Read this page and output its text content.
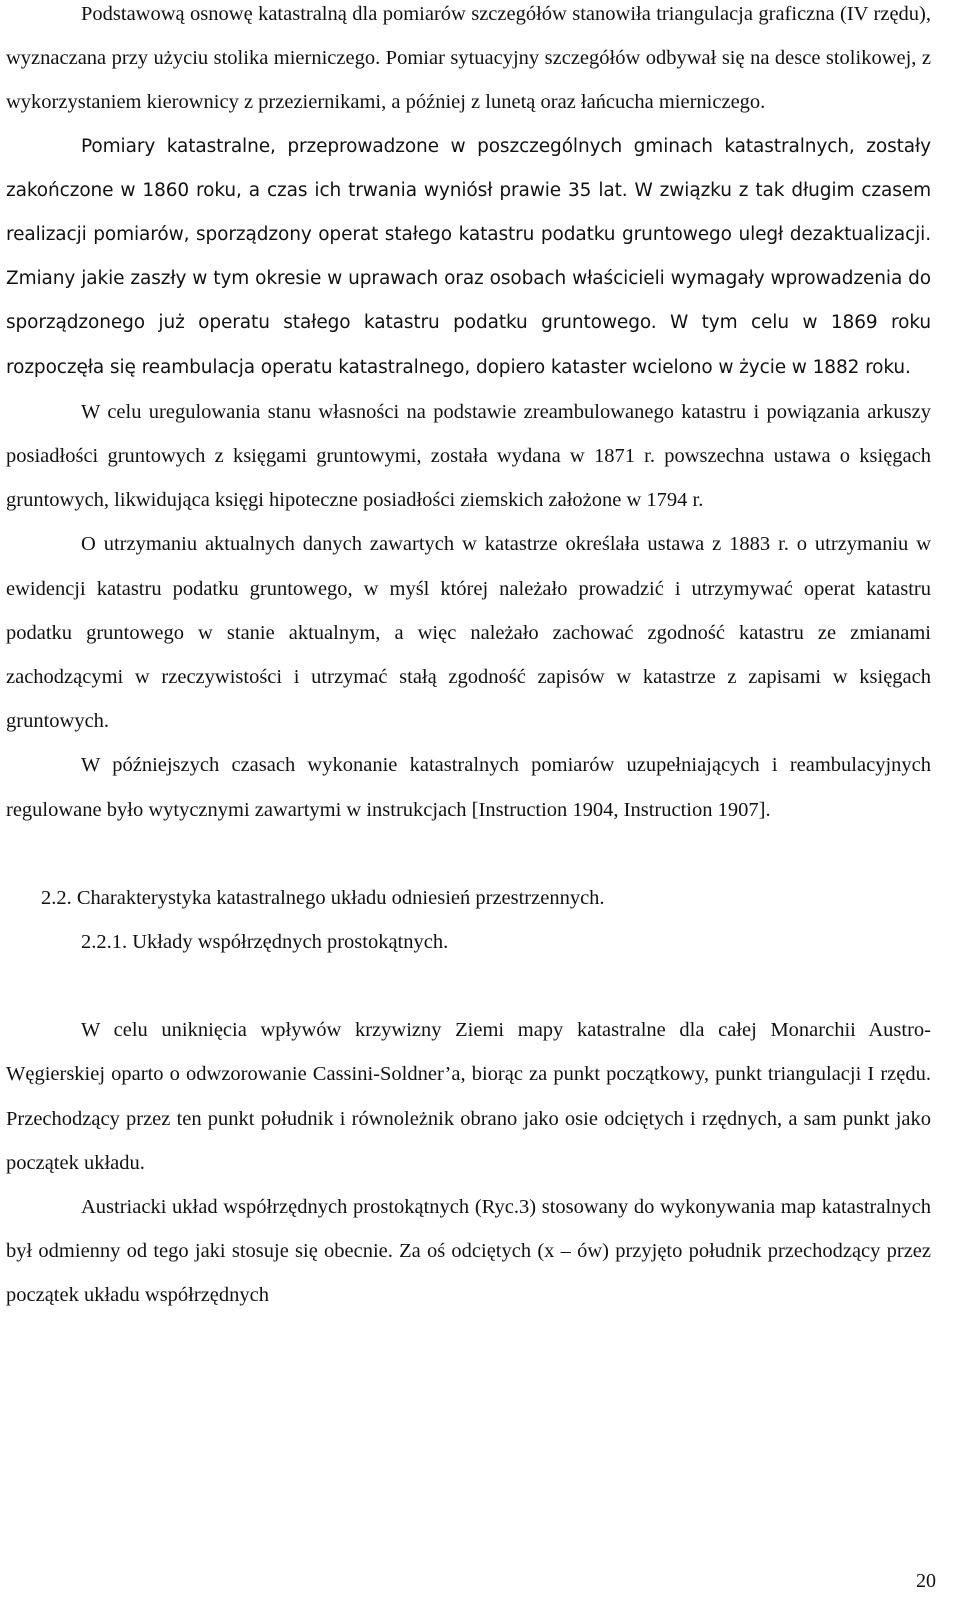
Podstawową osnowę katastralną dla pomiarów szczegółów stanowiła triangulacja graficzna (IV rzędu), wyznaczana przy użyciu stolika mierniczego. Pomiar sytuacyjny szczegółów odbywał się na desce stolikowej, z wykorzystaniem kierownicy z przeziernikami, a później z lunetą oraz łańcucha mierniczego.

Pomiary katastralne, przeprowadzone w poszczególnych gminach katastralnych, zostały zakończone w 1860 roku, a czas ich trwania wyniósł prawie 35 lat. W związku z tak długim czasem realizacji pomiarów, sporządzony operat stałego katastru podatku gruntowego uległ dezaktualizacji. Zmiany jakie zaszły w tym okresie w uprawach oraz osobach właścicieli wymagały wprowadzenia do sporządzonego już operatu stałego katastru podatku gruntowego. W tym celu w 1869 roku rozpoczęła się reambulacja operatu katastralnego, dopiero kataster wcielono w życie w 1882 roku.

W celu uregulowania stanu własności na podstawie zreambulowanego katastru i powiązania arkuszy posiadłości gruntowych z księgami gruntowymi, została wydana w 1871 r. powszechna ustawa o księgach gruntowych, likwidująca księgi hipoteczne posiadłości ziemskich założone w 1794 r.

O utrzymaniu aktualnych danych zawartych w katastrze określała ustawa z 1883 r. o utrzymaniu w ewidencji katastru podatku gruntowego, w myśl której należało prowadzić i utrzymywać operat katastru podatku gruntowego w stanie aktualnym, a więc należało zachować zgodność katastru ze zmianami zachodzącymi w rzeczywistości i utrzymać stałą zgodność zapisów w katastrze z zapisami w księgach gruntowych.

W późniejszych czasach wykonanie katastralnych pomiarów uzupełniających i reambulacyjnych regulowane było wytycznymi zawartymi w instrukcjach [Instruction 1904, Instruction 1907].

2.2. Charakterystyka katastralnego układu odniesień przestrzennych.
2.2.1. Układy współrzędnych prostokątnych.

W celu uniknięcia wpływów krzywizny Ziemi mapy katastralne dla całej Monarchii Austro-Węgierskiej oparto o odwzorowanie Cassini-Soldner’a, biorąc za punkt początkowy, punkt triangulacji I rzędu. Przechodzący przez ten punkt południk i równoleżnik obrano jako osie odciętych i rzędnych, a sam punkt jako początek układu.

Austriacki układ współrzędnych prostokątnych (Ryc.3) stosowany do wykonywania map katastralnych był odmienny od tego jaki stosuje się obecnie. Za oś odciętych (x – ów) przyjęto południk przechodzący przez początek układu współrzędnych

20
